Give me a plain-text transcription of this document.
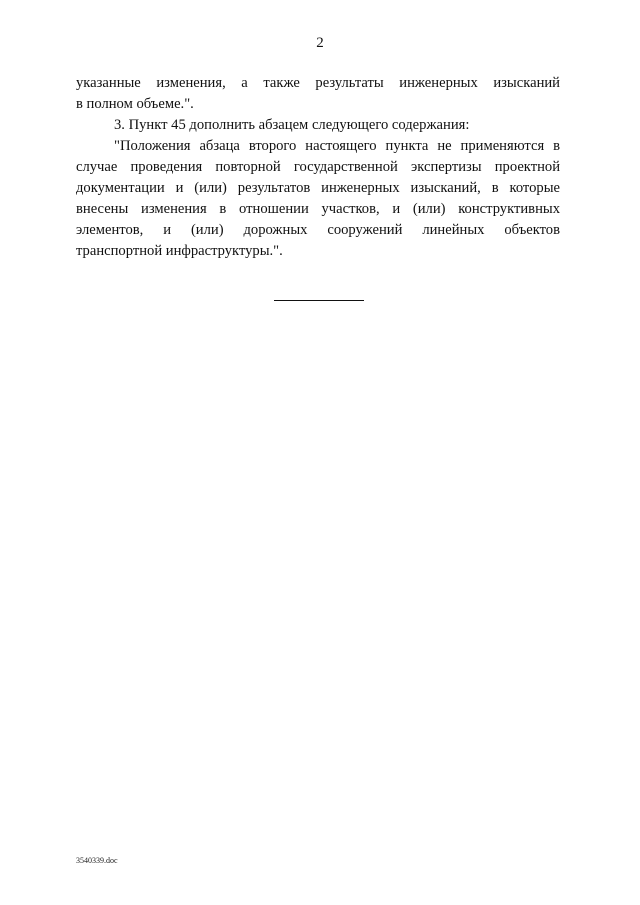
2
указанные изменения, а также результаты инженерных изысканий
в полном объеме.".
3. Пункт 45 дополнить абзацем следующего содержания:
"Положения абзаца второго настоящего пункта не применяются в
случае проведения повторной государственной экспертизы проектной
документации и (или) результатов инженерных изысканий, в которые
внесены изменения в отношении участков, и (или) конструктивных
элементов, и (или) дорожных сооружений линейных объектов
транспортной инфраструктуры.".
3540339.doc
